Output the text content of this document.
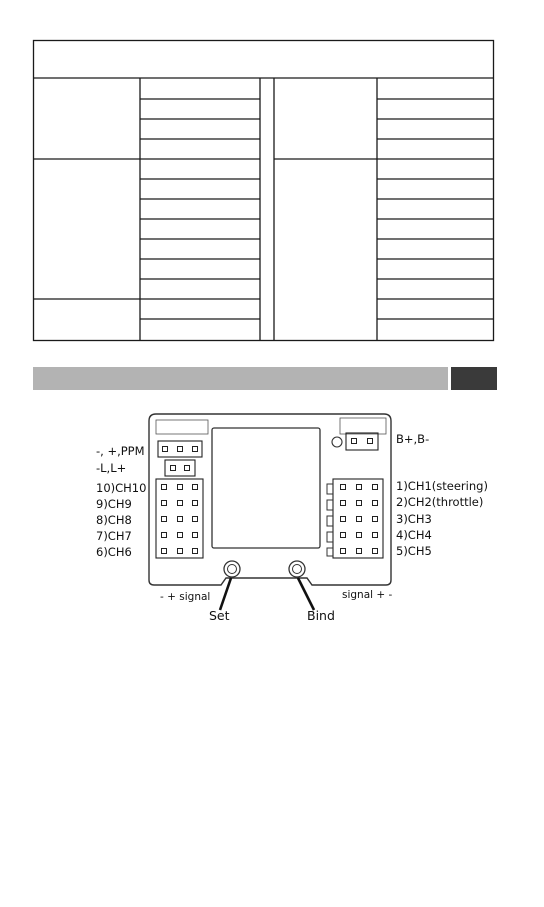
-, +,PPM
-L,L+
10)CH10
9)CH9
8)CH8
7)CH7
6)CH6
B+,B-
1)CH1(steering)
2)CH2(throttle)
3)CH3
4)CH4
5)CH5
- + signal	signal + -
Set	Bind
